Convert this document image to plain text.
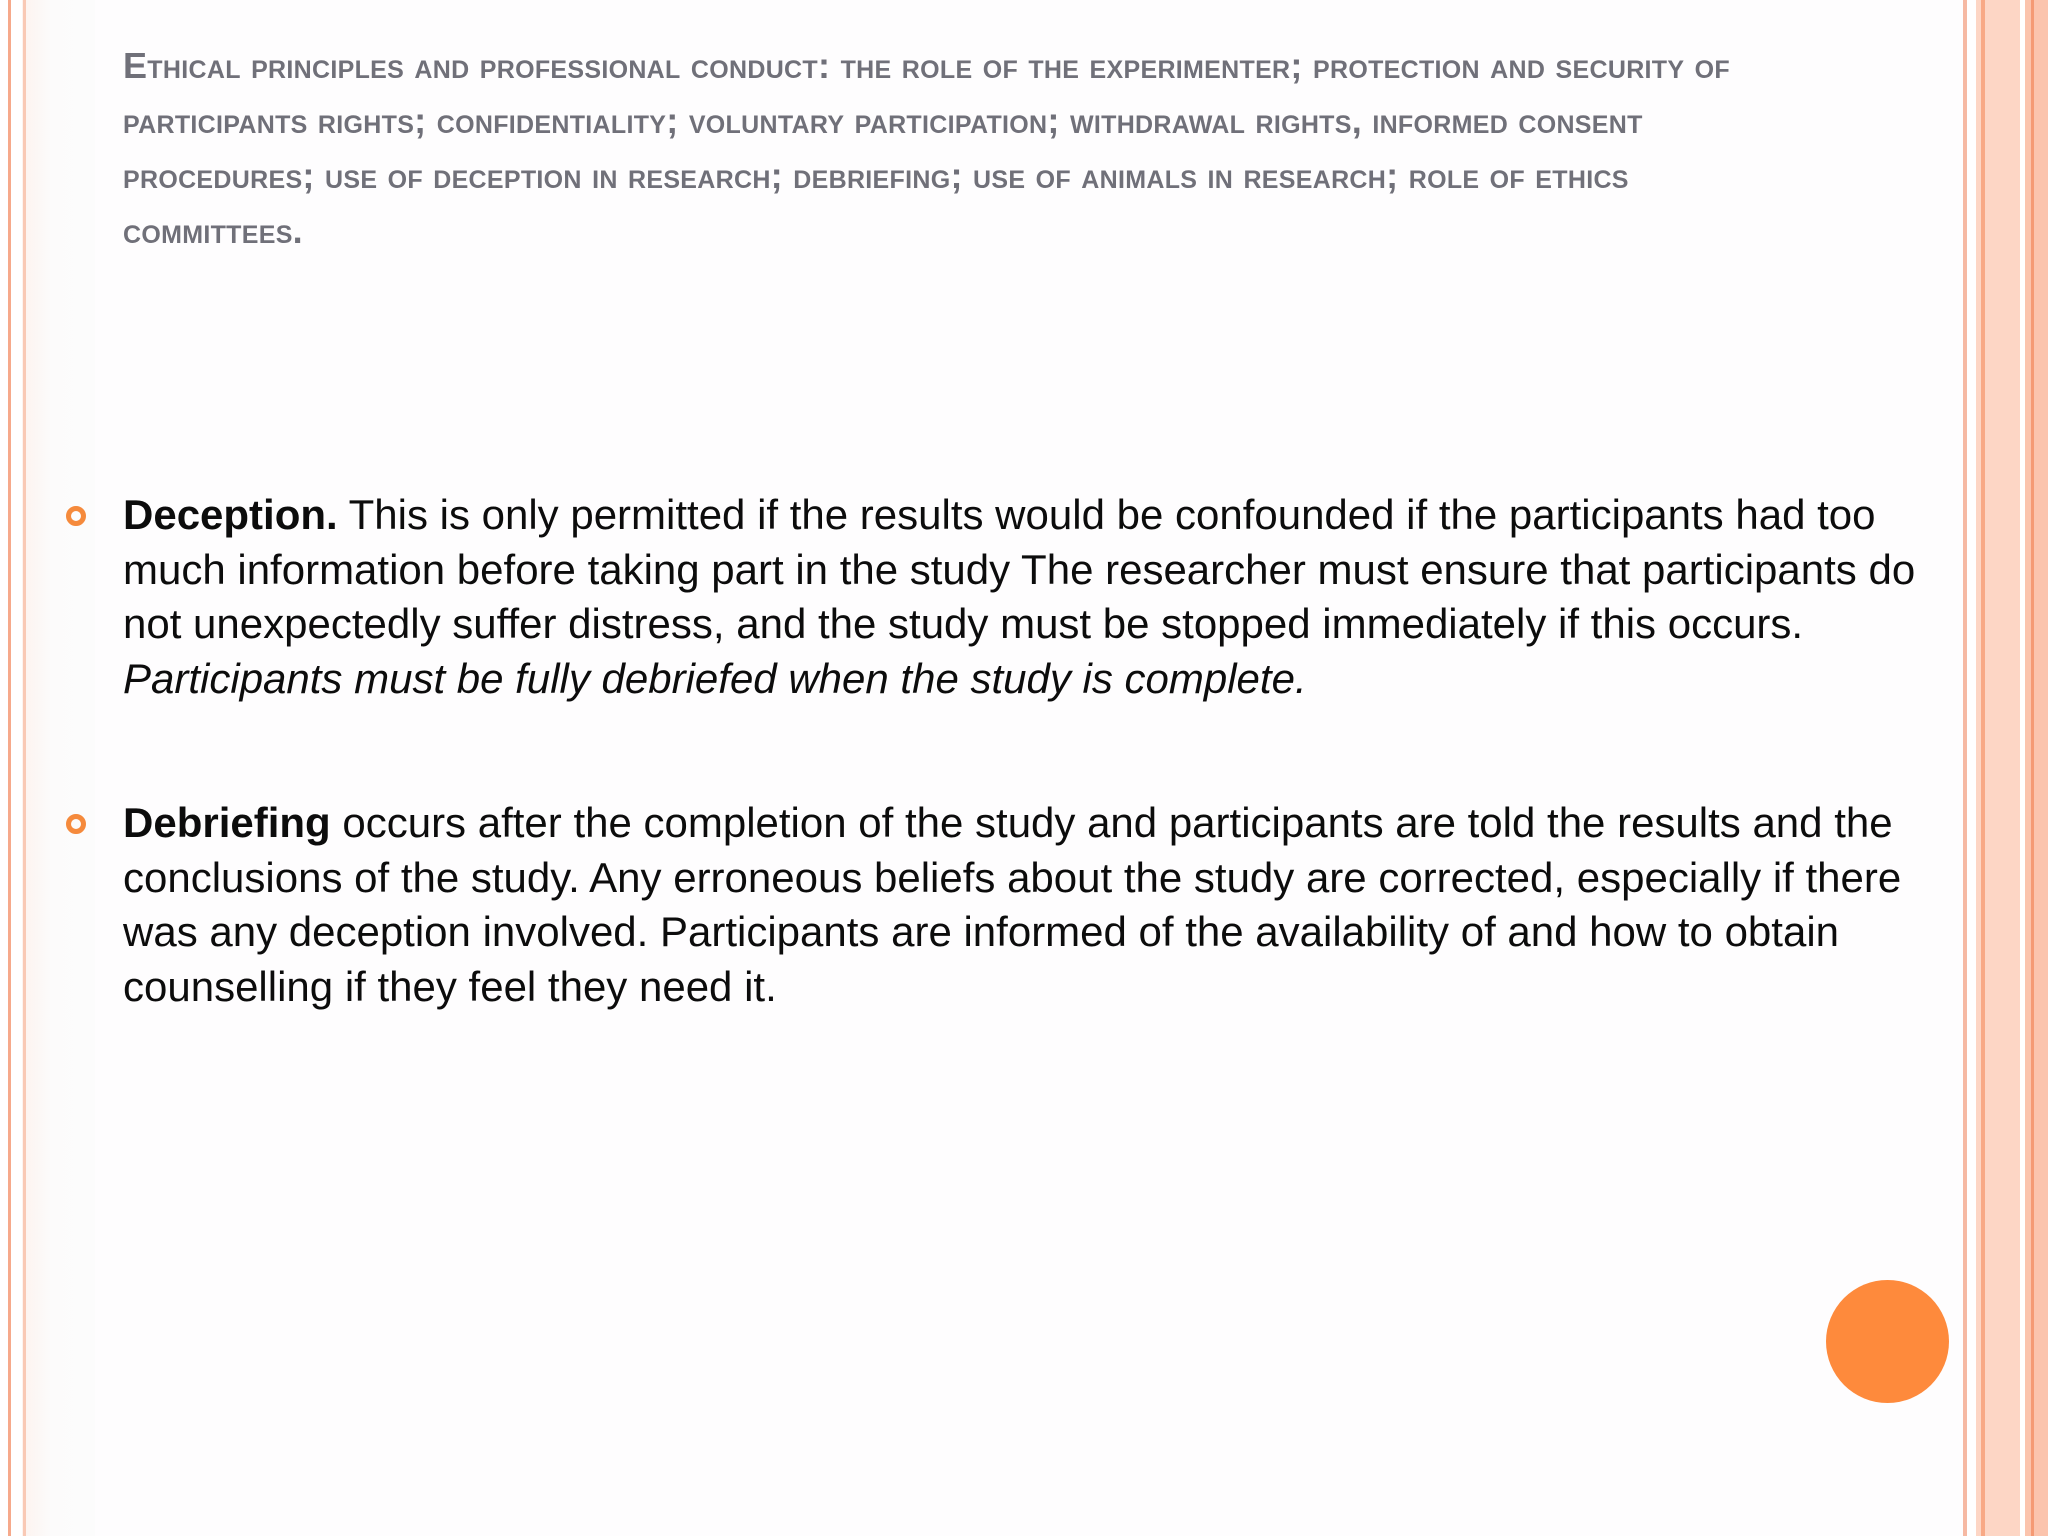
Ethical principles and professional conduct: the role of the experimenter; protection and security of participants rights; confidentiality; voluntary participation; withdrawal rights, informed consent procedures; use of deception in research; debriefing; use of animals in research; role of ethics committees.
Deception. This is only permitted if the results would be confounded if the participants had too much information before taking part in the study The researcher must ensure that participants do not unexpectedly suffer distress, and the study must be stopped immediately if this occurs. Participants must be fully debriefed when the study is complete.
Debriefing occurs after the completion of the study and participants are told the results and the conclusions of the study. Any erroneous beliefs about the study are corrected, especially if there was any deception involved. Participants are informed of the availability of and how to obtain counselling if they feel they need it.
